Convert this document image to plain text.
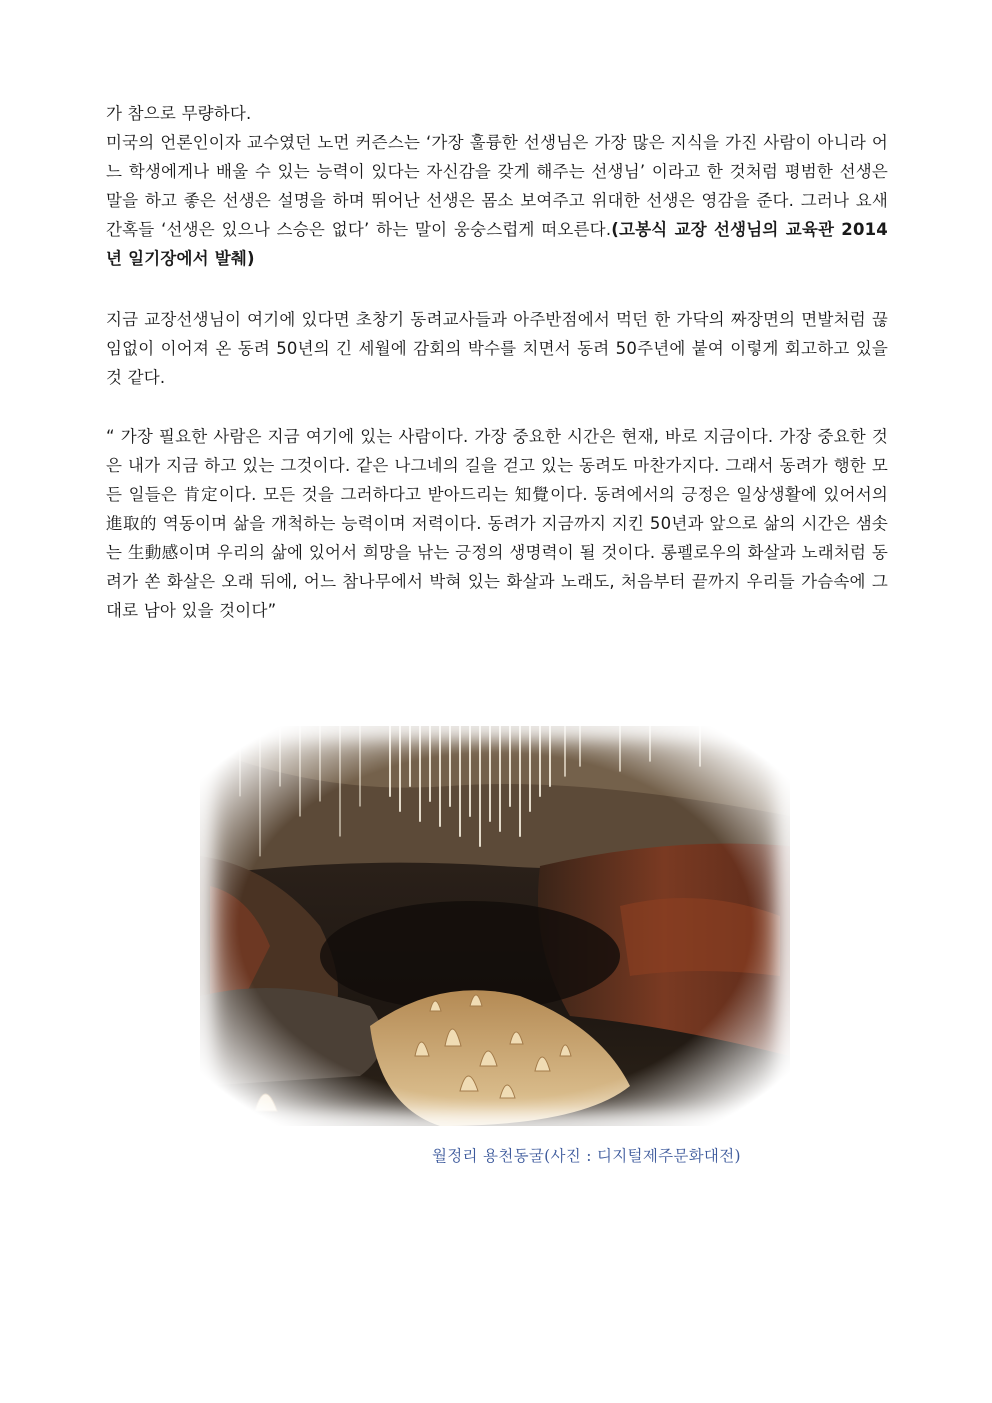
가 참으로 무량하다.

미국의 언론인이자 교수였던 노먼 커즌스는 ‘가장 훌륭한 선생님은 가장 많은 지식을 가진 사람이 아니라 어느 학생에게나 배울 수 있는 능력이 있다는 자신감을 갖게 해주는 선생님’ 이라고 한 것처럼 평범한 선생은 말을 하고 좋은 선생은 설명을 하며 뛰어난 선생은 몸소 보여주고 위대한 선생은 영감을 준다. 그러나 요새 간혹들 ‘선생은 있으나 스승은 없다’ 하는 말이 웅숭스럽게 떠오른다.(고봉식 교장 선생님의 교육관 2014년 일기장에서 발췌)

지금 교장선생님이 여기에 있다면 초창기 동려교사들과 아주반점에서 먹던 한 가닥의 짜장면의 면발처럼 끊임없이 이어져 온 동려 50년의 긴 세월에 감회의 박수를 치면서 동려 50주년에 붙여 이렇게 회고하고 있을 것 같다.

“ 가장 필요한 사람은 지금 여기에 있는 사람이다. 가장 중요한 시간은 현재, 바로 지금이다. 가장 중요한 것은 내가 지금 하고 있는 그것이다. 같은 나그네의 길을 걷고 있는 동려도 마찬가지다. 그래서 동려가 행한 모든 일들은 肯定이다. 모든 것을 그러하다고 받아드리는 知覺이다. 동려에서의 긍정은 일상생활에 있어서의 進取的 역동이며 삶을 개척하는 능력이며 저력이다. 동려가 지금까지 지킨 50년과 앞으로 삶의 시간은 샘솟는 生動感이며 우리의 삶에 있어서 희망을 낚는 긍정의 생명력이 될 것이다. 롱펠로우의 화살과 노래처럼 동려가 쏜 화살은 오래 뒤에, 어느 참나무에서 박혀 있는 화살과 노래도, 처음부터 끝까지 우리들 가슴속에 그대로 남아 있을 것이다”

월정리 용천동굴(사진 : 디지털제주문화대전)
